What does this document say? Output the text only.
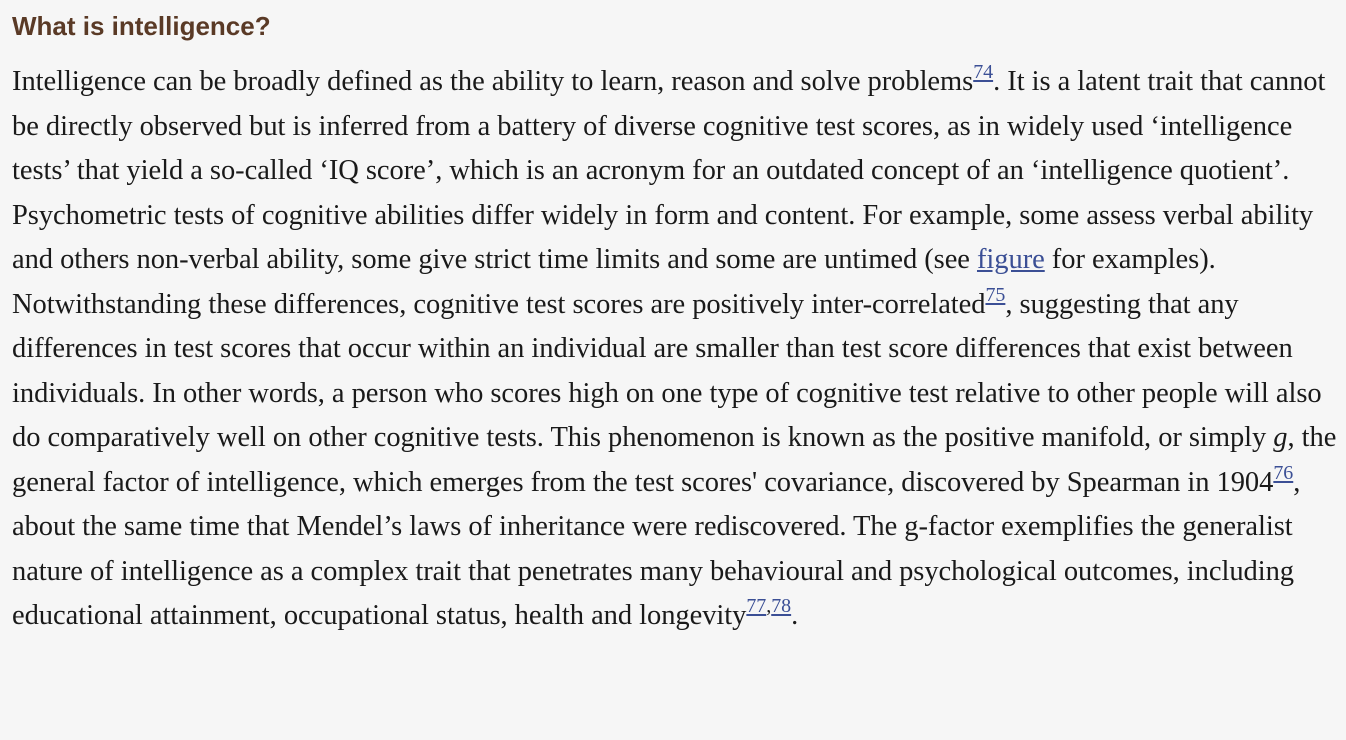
What is intelligence?

Intelligence can be broadly defined as the ability to learn, reason and solve problems$^{74}$. It is a latent trait that cannot be directly observed but is inferred from a battery of diverse cognitive test scores, as in widely used ‘intelligence tests’ that yield a so-called ‘IQ score’, which is an acronym for an outdated concept of an ‘intelligence quotient’. Psychometric tests of cognitive abilities differ widely in form and content. For example, some assess verbal ability and others non-verbal ability, some give strict time limits and some are untimed (see figure for examples). Notwithstanding these differences, cognitive test scores are positively inter-correlated$^{75}$, suggesting that any differences in test scores that occur within an individual are smaller than test score differences that exist between individuals. In other words, a person who scores high on one type of cognitive test relative to other people will also do comparatively well on other cognitive tests. This phenomenon is known as the positive manifold, or simply g, the general factor of intelligence, which emerges from the test scores' covariance, discovered by Spearman in 1904$^{76}$, about the same time that Mendel’s laws of inheritance were rediscovered. The g-factor exemplifies the generalist nature of intelligence as a complex trait that penetrates many behavioural and psychological outcomes, including educational attainment, occupational status, health and longevity$^{77,78}$.
